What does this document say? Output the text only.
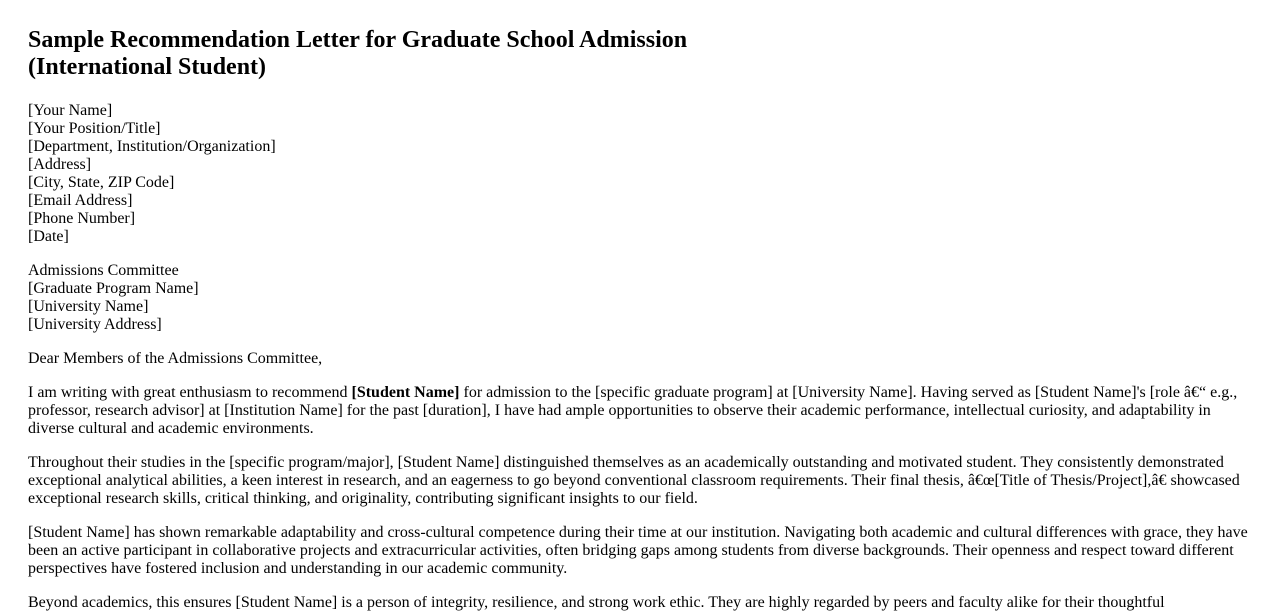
Sample Recommendation Letter for Graduate School Admission
(International Student)
[Your Name]
[Your Position/Title]
[Department, Institution/Organization]
[Address]
[City, State, ZIP Code]
[Email Address]
[Phone Number]
[Date]
Admissions Committee
[Graduate Program Name]
[University Name]
[University Address]

Dear Members of the Admissions Committee,

I am writing with great enthusiasm to recommend [Student Name] for admission to the [specific graduate program] at [University Name]. Having served as [Student Name]'s [role â€“ e.g., professor, research advisor] at [Institution Name] for the past [duration], I have had ample opportunities to observe their academic performance, intellectual curiosity, and adaptability in diverse cultural and academic environments.

Throughout their studies in the [specific program/major], [Student Name] distinguished themselves as an academically outstanding and motivated student. They consistently demonstrated exceptional analytical abilities, a keen interest in research, and an eagerness to go beyond conventional classroom requirements. Their final thesis, â€œ[Title of Thesis/Project],â€ showcased exceptional research skills, critical thinking, and originality, contributing significant insights to our field.

[Student Name] has shown remarkable adaptability and cross-cultural competence during their time at our institution. Navigating both academic and cultural differences with grace, they have been an active participant in collaborative projects and extracurricular activities, often bridging gaps among students from diverse backgrounds. Their openness and respect toward different perspectives have fostered inclusion and understanding in our academic community.

Beyond academics, this ensures [Student Name] is a person of integrity, resilience, and strong work ethic. They are highly regarded by peers and faculty alike for their thoughtful
